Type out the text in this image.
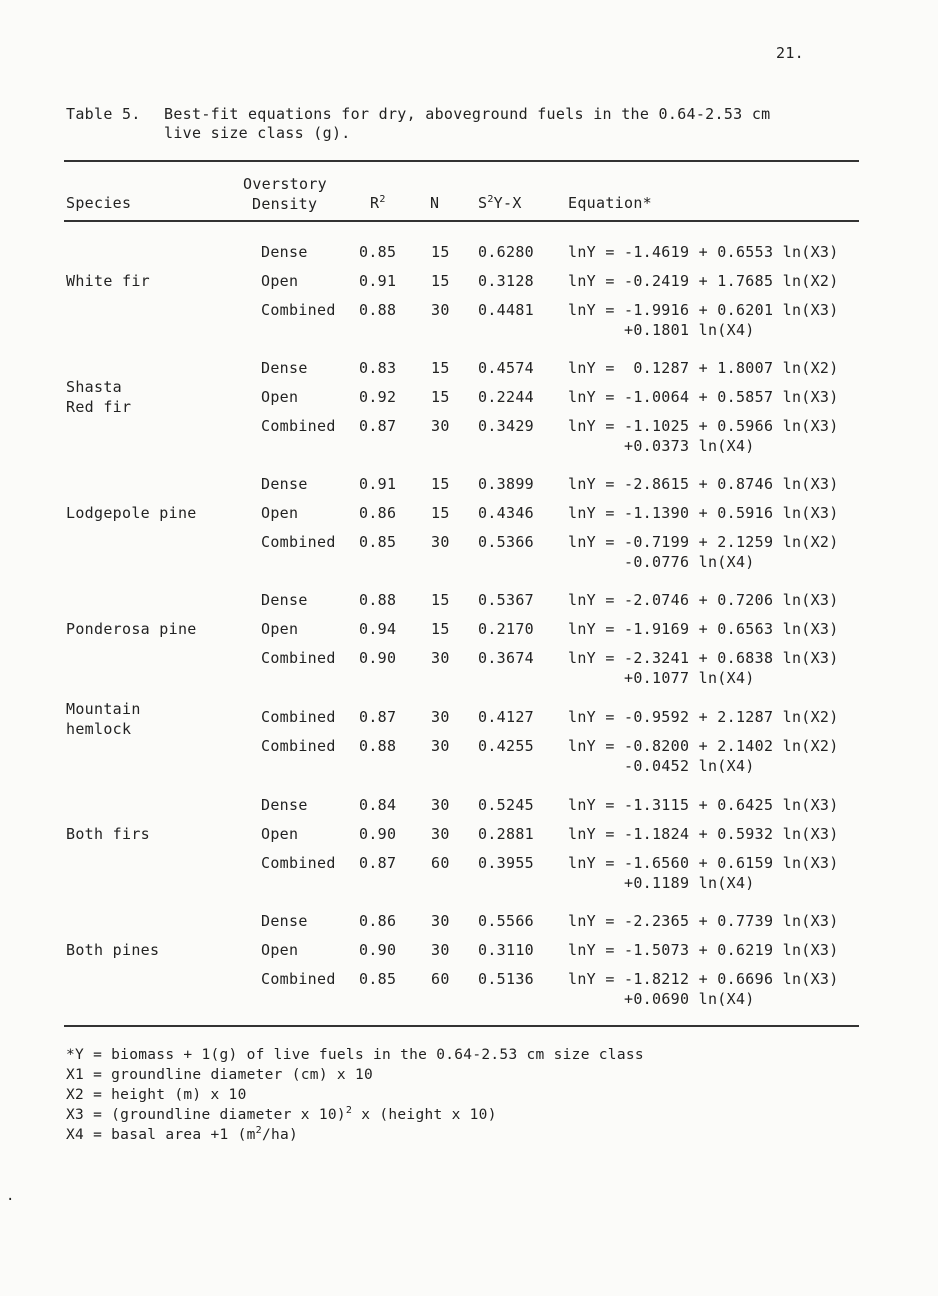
21.
Table 5. Best-fit equations for dry, aboveground fuels in the 0.64-2.53 cm
live size class (g).
Species
Overstory
Density	$R^2$	N	$S^2Y-X$	Equation*
White fir
Dense	0.85 15 0.6280 lnY = -1.4619 + 0.6553 ln(X3)
Open	0.91 15 0.3128 lnY = -0.2419 + 1.7685 ln(X2)
Combined 0.88 30 0.4481 lnY = -1.9916 + 0.6201 ln(X3)
+0.1801 ln(X4)
Shasta
Red fir
Dense	0.83 15 0.4574 lnY =  0.1287 + 1.8007 ln(X2)
Open	0.92 15 0.2244 lnY = -1.0064 + 0.5857 ln(X3)
Combined 0.87 30 0.3429 lnY = -1.1025 + 0.5966 ln(X3)
+0.0373 ln(X4)
Lodgepole pine
Dense	0.91 15 0.3899 lnY = -2.8615 + 0.8746 ln(X3)
Open	0.86 15 0.4346 lnY = -1.1390 + 0.5916 ln(X3)
Combined 0.85 30 0.5366 lnY = -0.7199 + 2.1259 ln(X2)
-0.0776 ln(X4)
Ponderosa pine
Dense	0.88 15 0.5367 lnY = -2.0746 + 0.7206 ln(X3)
Open	0.94 15 0.2170 lnY = -1.9169 + 0.6563 ln(X3)
Combined 0.90 30 0.3674 lnY = -2.3241 + 0.6838 ln(X3)
+0.1077 ln(X4)
Mountain
hemlock
Combined 0.87 30 0.4127 lnY = -0.9592 + 2.1287 ln(X2)
Combined 0.88 30 0.4255 lnY = -0.8200 + 2.1402 ln(X2)
-0.0452 ln(X4)
Both firs
Dense	0.84 30 0.5245 lnY = -1.3115 + 0.6425 ln(X3)
Open	0.90 30 0.2881 lnY = -1.1824 + 0.5932 ln(X3)
Combined 0.87 60 0.3955 lnY = -1.6560 + 0.6159 ln(X3)
+0.1189 ln(X4)
Both pines
Dense	0.86 30 0.5566 lnY = -2.2365 + 0.7739 ln(X3)
Open	0.90 30 0.3110 lnY = -1.5073 + 0.6219 ln(X3)
Combined 0.85 60 0.5136 lnY = -1.8212 + 0.6696 ln(X3)
+0.0690 ln(X4)
*Y = biomass + 1(g) of live fuels in the 0.64-2.53 cm size class
X1 = groundline diameter (cm) x 10
X2 = height (m) x 10
X3 = (groundline diameter x 10)$^2$ x (height x 10)
X4 = basal area +1 $(m^2/ha)$
.
